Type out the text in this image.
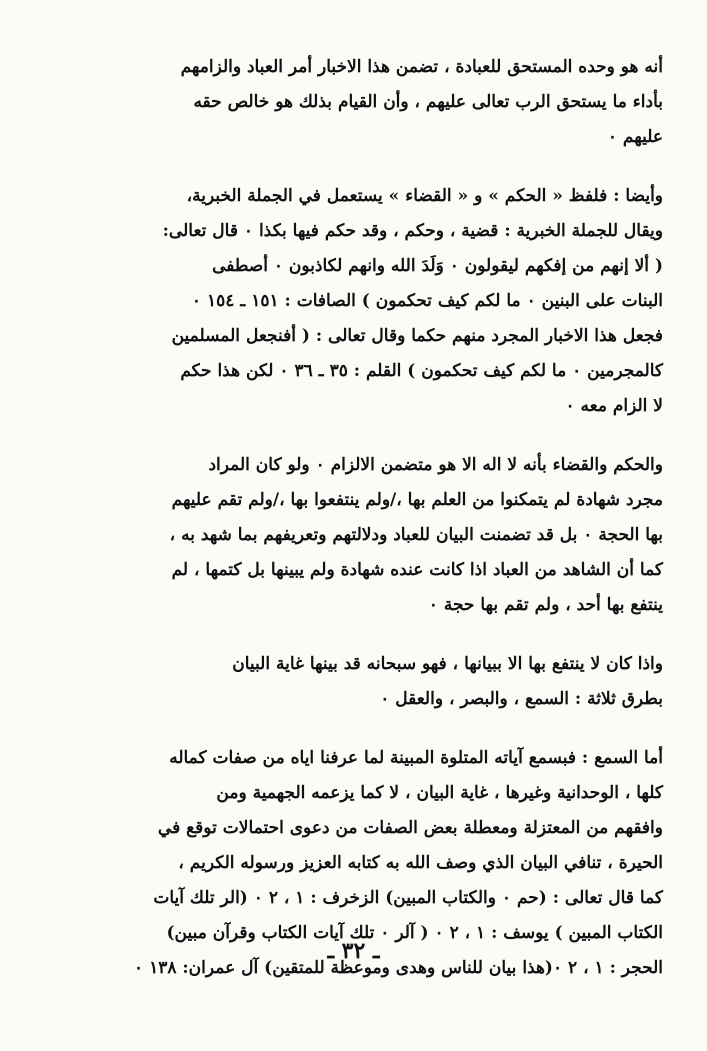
أنه هو وحده المستحق للعبادة ، تضمن هذا الاخبار أمر العباد والزامهم
بأداء ما يستحق الرب تعالى عليهم ، وأن القيام بذلك هو خالص حقه
عليهم ٠
وأيضا : فلفظ « الحكم » و « القضاء » يستعمل في الجملة الخبرية،
ويقال للجملة الخبرية : قضية ، وحكم ، وقد حكم فيها بكذا ٠ قال تعالى:
( ألا إنهم من إفكهم ليقولون ٠ وَلَدَ الله وانهم لكاذبون ٠ أصطفى
البنات على البنين ٠ ما لكم كيف تحكمون ) الصافات : ١٥١ ـ ١٥٤ ٠
فجعل هذا الاخبار المجرد منهم حكما وقال تعالى : ( أفنجعل المسلمين
كالمجرمين ٠ ما لكم كيف تحكمون ) القلم : ٣٥ ـ ٣٦ ٠ لكن هذا حكم
لا الزام معه ٠
والحكم والقضاء بأنه لا اله الا هو متضمن الالزام ٠ ولو كان المراد
مجرد شهادة لم يتمكنوا من العلم بها ،/ولم ينتفعوا بها ،/ولم تقم عليهم
بها الحجة ٠ بل قد تضمنت البيان للعباد ودلالتهم وتعريفهم بما شهد به ،
كما أن الشاهد من العباد اذا كانت عنده شهادة ولم يبينها بل كتمها ، لم
ينتفع بها أحد ، ولم تقم بها حجة ٠
واذا كان لا ينتفع بها الا ببيانها ، فهو سبحانه قد بينها غاية البيان
بطرق ثلاثة : السمع ، والبصر ، والعقل ٠
أما السمع : فبسمع آياته المتلوة المبينة لما عرفنا اياه من صفات كماله
كلها ، الوحدانية وغيرها ، غاية البيان ، لا كما يزعمه الجهمية ومن
وافقهم من المعتزلة ومعطلة بعض الصفات من دعوى احتمالات توقع في
الحيرة ، تنافي البيان الذي وصف الله به كتابه العزيز ورسوله الكريم ،
كما قال تعالى : (حم ٠ والكتاب المبين) الزخرف : ١ ، ٢ ٠ (الر تلك آيات
الكتاب المبين ) يوسف : ١ ، ٢ ٠ ( آلر ٠ تلك آيات الكتاب وقرآن مبين)
الحجر : ١ ، ٢ ٠(هذا بيان للناس وهدى وموعظة للمتقين) آل عمران: ١٣٨ ٠
ـ ٣٢ ـ
